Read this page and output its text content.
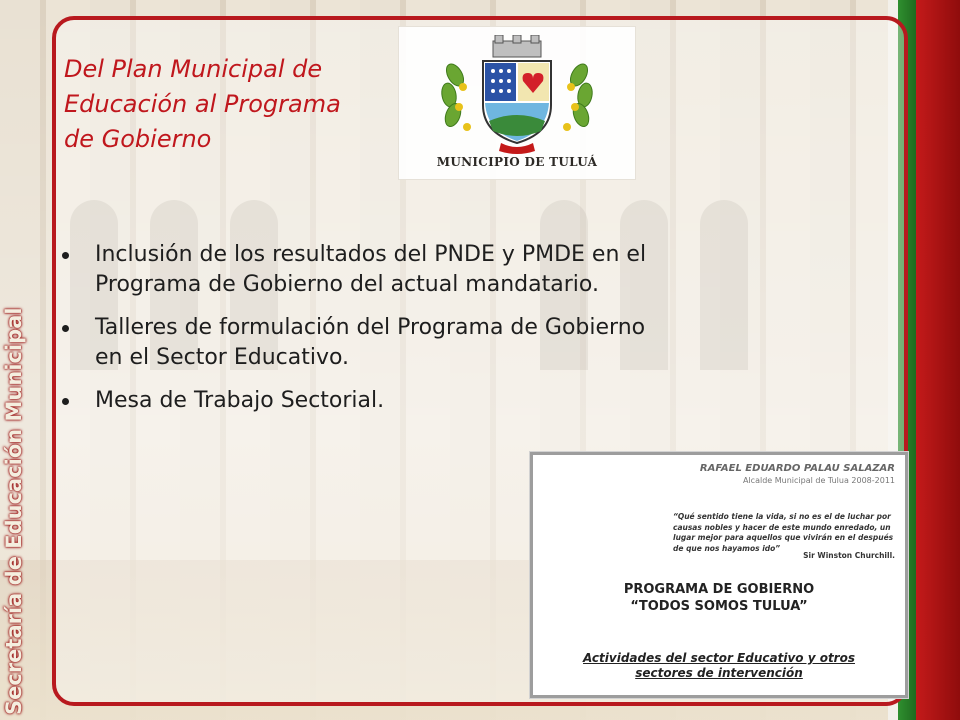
Del Plan Municipal de
Educación al Programa
de Gobierno
MUNICIPIO DE TULUÁ
Inclusión de los resultados del PNDE y PMDE en el Programa de Gobierno del actual mandatario.
Talleres de formulación del Programa de Gobierno en el Sector Educativo.
Mesa de Trabajo Sectorial.
Secretaría de Educación Municipal	RAFAEL EDUARDO PALAU SALAZAR
Alcalde Municipal de Tulua 2008-2011
“Qué sentido tiene la vida, si no es el de luchar por causas nobles y hacer de este mundo enredado, un lugar mejor para aquellos que vivirán en el después de que nos hayamos ido”
Sir Winston Churchill.
PROGRAMA DE GOBIERNO
“TODOS SOMOS TULUA”
Actividades del sector Educativo y otros
sectores de intervención
